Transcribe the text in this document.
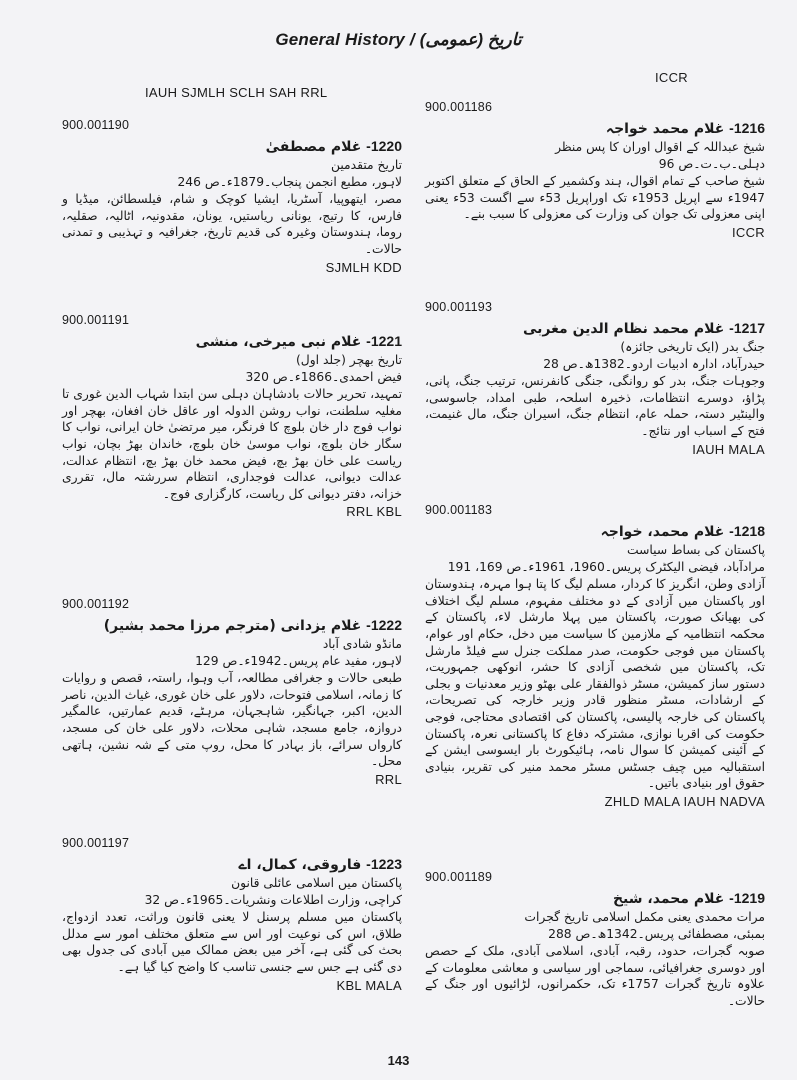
General History / تاریخ (عمومی)
IAUH SJMLH SCLH SAH RRL
ICCR
900.001186
1216- غلام محمد خواجہ
شیخ عبداللہ کے اقوال اوران کا پس منظر
دہلی۔ب۔ت۔ص 96
شیخ صاحب کے تمام اقوال، ہند وکشمیر کے الحاق کے متعلق اکتوبر 1947ء سے اپریل 1953ء تک اوراپریل 53ء سے اگست 53ء یعنی اپنی معزولی تک جوان کی وزارت کی معزولی کا سبب بنے۔
ICCR
900.001193
1217- غلام محمد نظام الدین مغربی
جنگ بدر (ایک تاریخی جائزہ)
حیدرآباد، ادارہ ادبیات اردو۔1382ھ۔ص 28
وجوہات جنگ، بدر کو روانگی، جنگی کانفرنس، ترتیب جنگ، پانی، پڑاؤ، دوسرے انتظامات، ذخیرہ اسلحہ، طبی امداد، جاسوسی، والینٹیر دستہ، حملہ عام، انتظام جنگ، اسیران جنگ، مال غنیمت، فتح کے اسباب اور نتائج۔
IAUH MALA
900.001183
1218- غلام محمد، خواجہ
پاکستان کی بساط سیاست
مرادآباد، فیضی الیکٹرک پریس۔1960، 1961ء۔ص 169، 191
آزادی وطن، انگریز کا کردار، مسلم لیگ کا پتا ہوا مہرہ، ہندوستان اور پاکستان میں آزادی کے دو مختلف مفہوم، مسلم لیگ اختلاف کی بھیانک صورت، پاکستان میں پہلا مارشل لاء، پاکستان کے محکمہ انتظامیہ کے ملازمین کا سیاست میں دخل، حکام اور عوام، پاکستان میں فوجی حکومت، صدر مملکت جنرل سے فیلڈ مارشل تک، پاکستان میں شخصی آزادی کا حشر، انوکھی جمہوریت، دستور ساز کمیشن، مسٹر ذوالفقار علی بھٹو وزیر معدنیات و بجلی کے ارشادات، مسٹر منظور قادر وزیر خارجہ کی تصریحات، پاکستان کی خارجہ پالیسی، پاکستان کی اقتصادی محتاجی، فوجی حکومت کی اقربا نوازی، مشترکہ دفاع کا پاکستانی نعرہ، پاکستان کے آئینی کمیشن کا سوال نامہ، ہائیکورٹ بار ایسوسی ایشن کے استقبالیہ میں چیف جسٹس مسٹر محمد منیر کی تقریر، بنیادی حقوق اور بنیادی باتیں۔
ZHLD MALA IAUH NADVA
900.001189
1219- غلام محمد، شیخ
مرات محمدی یعنی مکمل اسلامی تاریخ گجرات
بمبئی، مصطفائی پریس۔1342ھ۔ص 288
صوبہ گجرات، حدود، رقبہ، آبادی، اسلامی آبادی، ملک کے حصص اور دوسری جغرافیائی، سماجی اور سیاسی و معاشی معلومات کے علاوہ تاریخ گجرات 1757ء تک، حکمرانوں، لڑائیوں اور جنگ کے حالات۔
900.001190
1220- غلام مصطفیٰ
تاریخ متقدمین
لاہور، مطبع انجمن پنجاب۔1879ء۔ص 246
مصر، ایتھوپیا، آسٹریا، ایشیا کوچک و شام، فیلسطائن، میڈیا و فارس، کا رتیج، یونانی ریاستیں، یونان، مقدونیہ، اٹالیہ، صقلیہ، روما، ہندوستان وغیرہ کی قدیم تاریخ، جغرافیہ و تہذیبی و تمدنی حالات۔
SJMLH KDD
900.001191
1221- غلام نبی میرخی، منشی
تاریخ بھچر (جلد اول)
فیض احمدی۔1866ء۔ص 320
تمہید، تحریر حالات بادشاہان دہلی سن ابتدا شہاب الدین غوری تا مغلیہ سلطنت، نواب روشن الدولہ اور عاقل خان افغان، بھچر اور نواب فوج دار خان بلوچ کا فرنگر، میر مرتضیٰ خان ایرانی، نواب کا سگار خان بلوچ، نواب موسیٰ خان بلوچ، خاندان بھڑ بچان، نواب ریاست علی خان بھڑ بچ، فیض محمد خان بھڑ بچ، انتظام عدالت، عدالت دیوانی، عدالت فوجداری، انتظام سررشتہ مال، تقرری خزانہ، دفتر دیوانی کل ریاست، کارگزاری فوج۔
RRL KBL
900.001192
1222- غلام یزدانی (مترجم مرزا محمد بشیر)
مانڈو شادی آباد
لاہور، مفید عام پریس۔1942ء۔ص 129
طبعی حالات و جغرافی مطالعہ، آب وہوا، راستہ، قصص و روایات کا زمانہ، اسلامی فتوحات، دلاور علی خان غوری، غیاث الدین، ناصر الدین، اکبر، جہانگیر، شاہجہان، مرہٹے، قدیم عمارتیں، عالمگیر دروازہ، جامع مسجد، شاہی محلات، دلاور علی خان کی مسجد، کارواں سرائے، باز بہادر کا محل، روپ متی کے شہ نشین، ہاتھی محل۔
RRL
900.001197
1223- فاروقی، کمال، اے
پاکستان میں اسلامی عائلی قانون
کراچی، وزارت اطلاعات ونشریات۔1965ء۔ص 32
پاکستان میں مسلم پرسنل لا یعنی قانون وراثت، تعدد ازدواج، طلاق، اس کی نوعیت اور اس سے متعلق مختلف امور سے مدلل بحث کی گئی ہے، آخر میں بعض ممالک میں آبادی کی جدول بھی دی گئی ہے جس سے جنسی تناسب کا واضح کیا گیا ہے۔
KBL MALA
143
